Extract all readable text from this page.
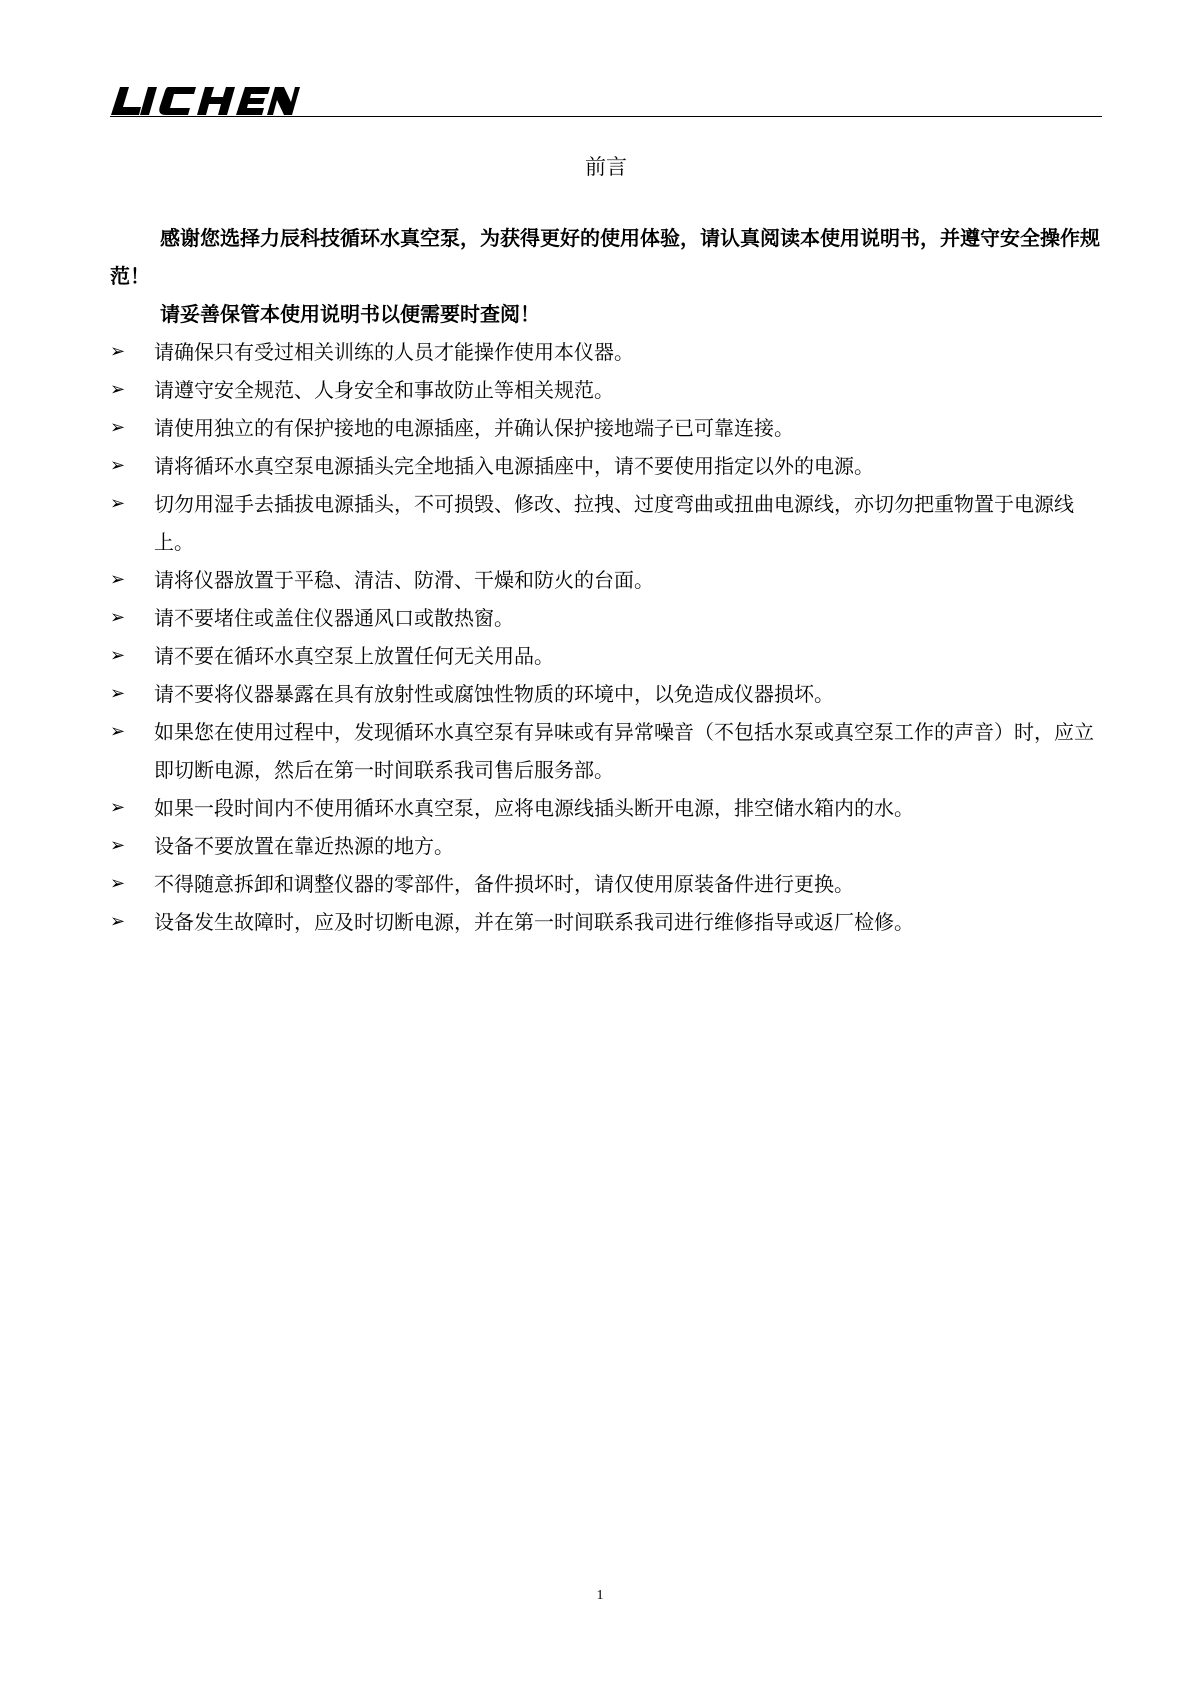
前言

感谢您选择力辰科技循环水真空泵，为获得更好的使用体验，请认真阅读本使用说明书，并遵守安全操作规范！

请妥善保管本使用说明书以便需要时查阅！

➢	请确保只有受过相关训练的人员才能操作使用本仪器。
➢	请遵守安全规范、人身安全和事故防止等相关规范。
➢	请使用独立的有保护接地的电源插座，并确认保护接地端子已可靠连接。
➢	请将循环水真空泵电源插头完全地插入电源插座中，请不要使用指定以外的电源。
➢	切勿用湿手去插拔电源插头，不可损毁、修改、拉拽、过度弯曲或扭曲电源线，亦切勿把重物置于电源线上。
➢	请将仪器放置于平稳、清洁、防滑、干燥和防火的台面。
➢	请不要堵住或盖住仪器通风口或散热窗。
➢	请不要在循环水真空泵上放置任何无关用品。
➢	请不要将仪器暴露在具有放射性或腐蚀性物质的环境中，以免造成仪器损坏。
➢	如果您在使用过程中，发现循环水真空泵有异味或有异常噪音（不包括水泵或真空泵工作的声音）时，应立即切断电源，然后在第一时间联系我司售后服务部。
➢	如果一段时间内不使用循环水真空泵，应将电源线插头断开电源，排空储水箱内的水。
➢	设备不要放置在靠近热源的地方。
➢	不得随意拆卸和调整仪器的零部件，备件损坏时，请仅使用原装备件进行更换。
➢	设备发生故障时，应及时切断电源，并在第一时间联系我司进行维修指导或返厂检修。
1
